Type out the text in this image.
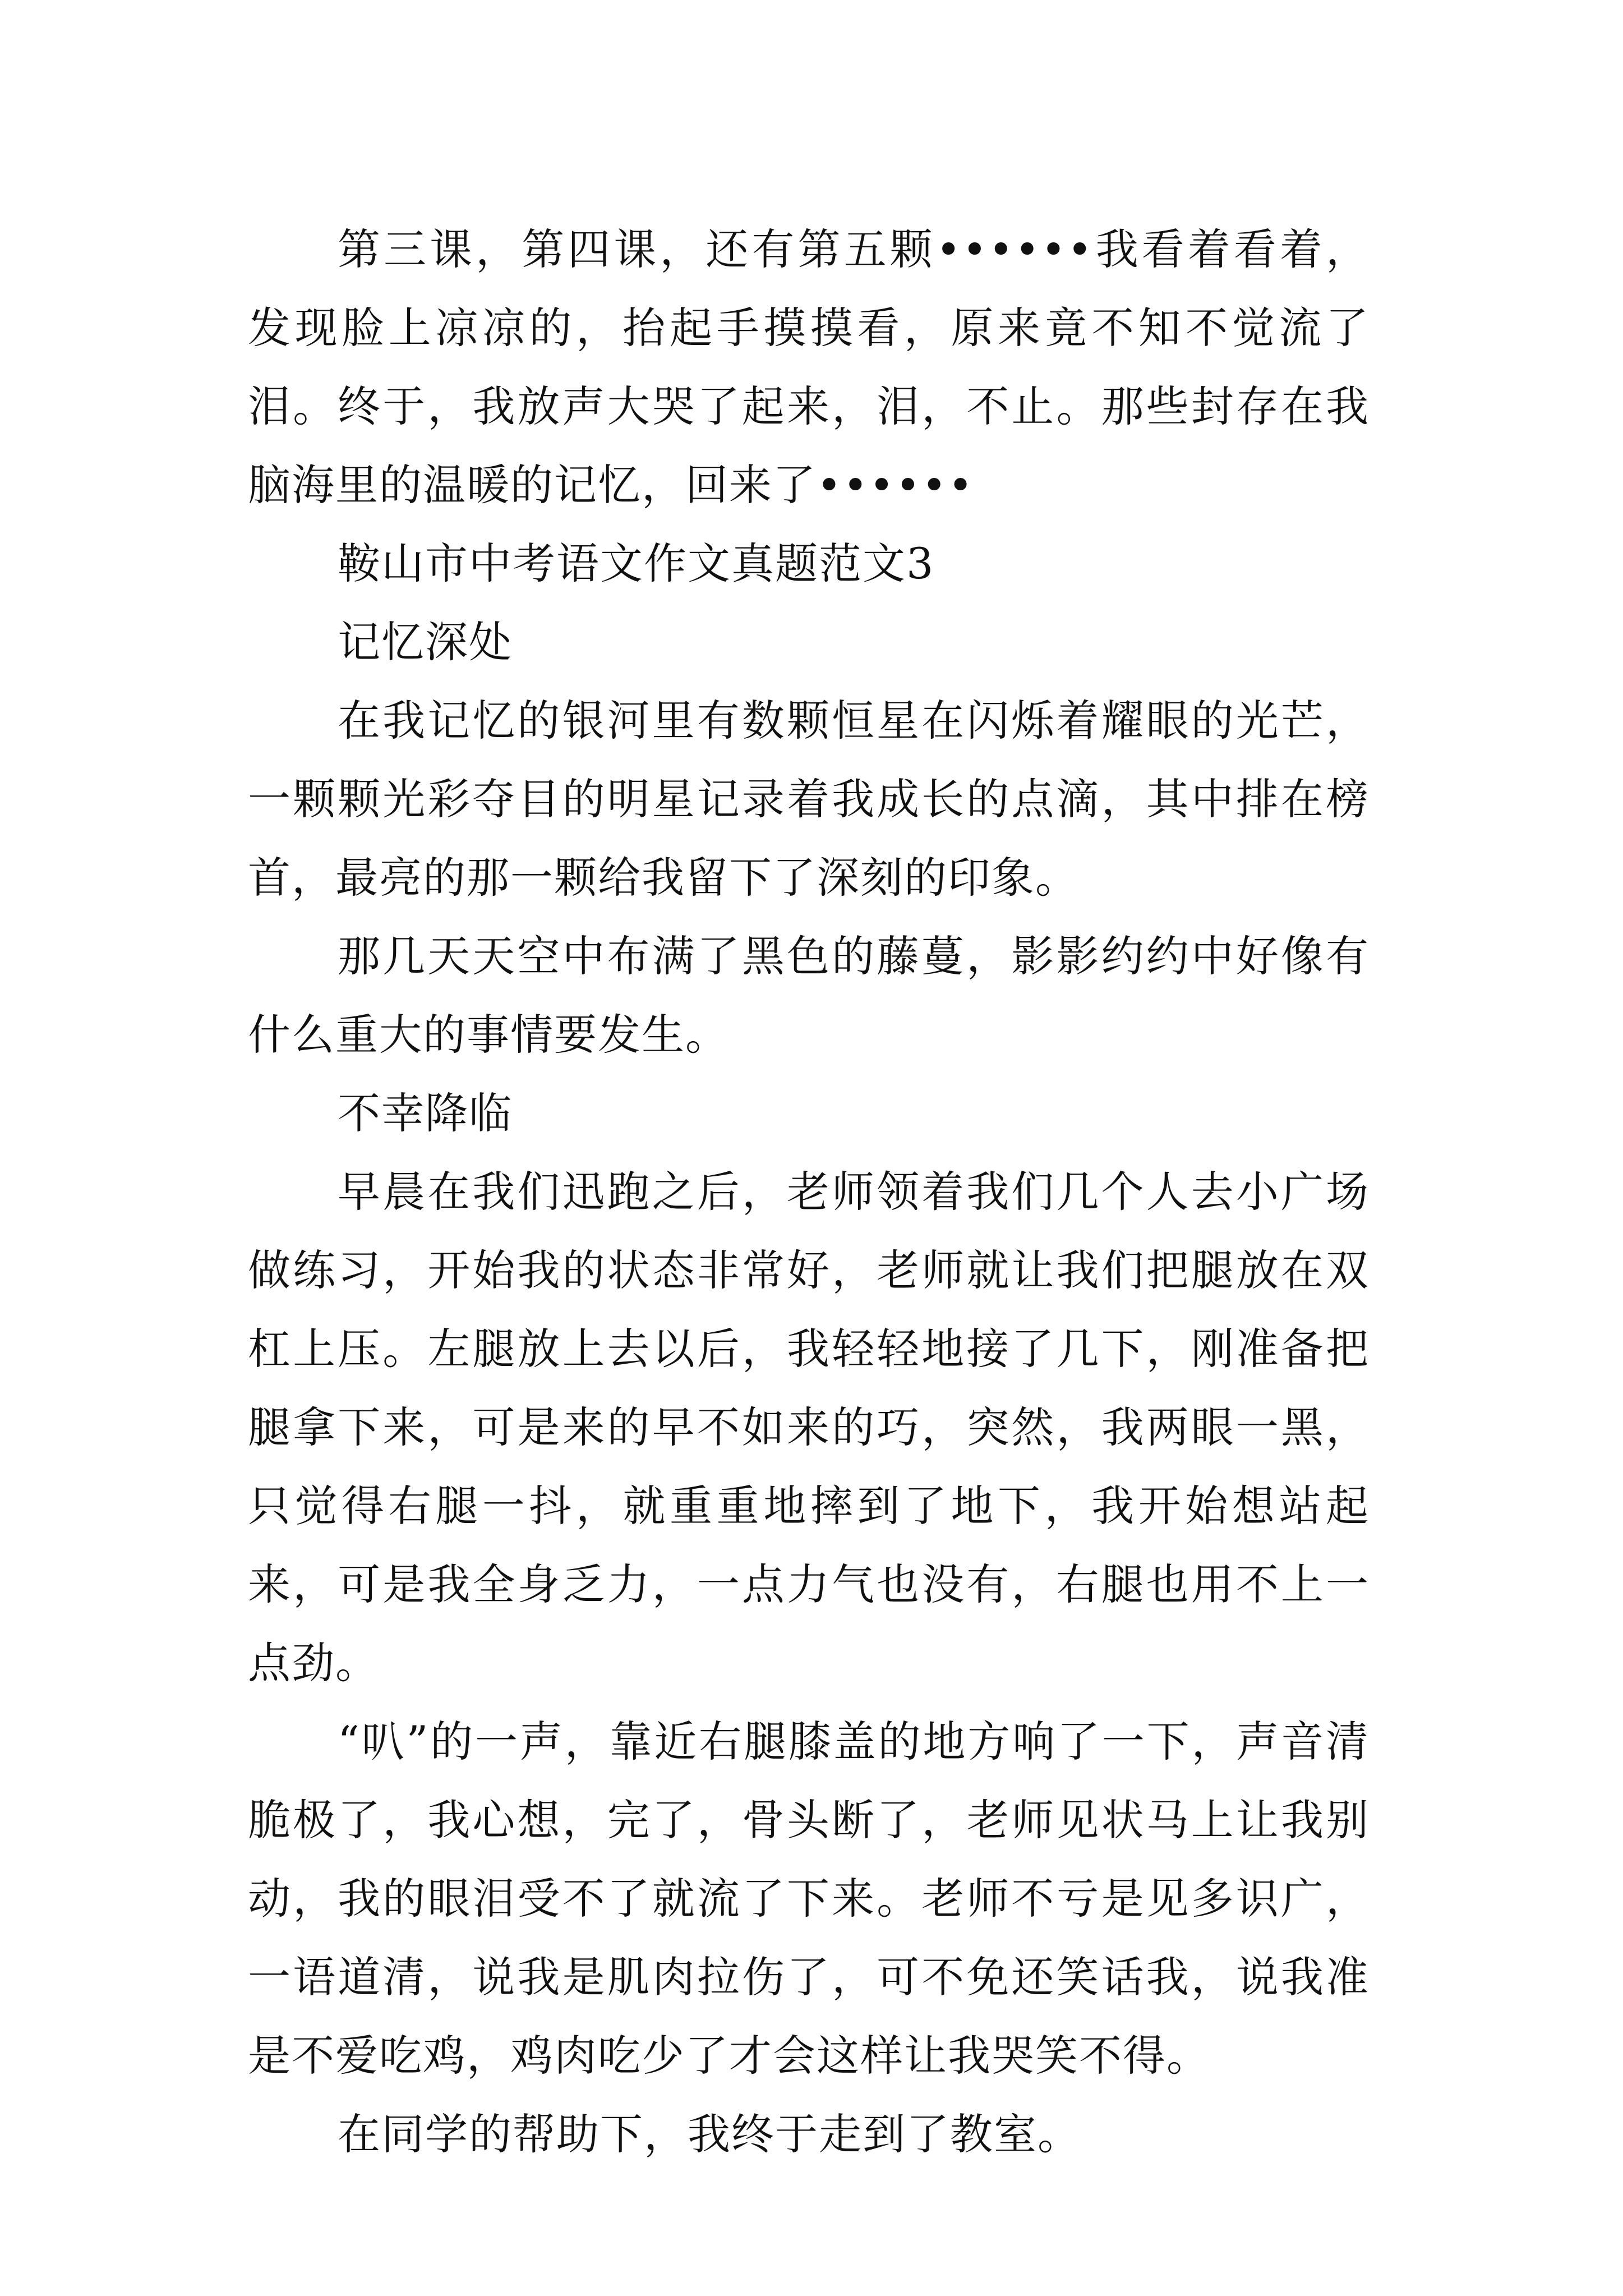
第三课，第四课，还有第五颗••••••我看着看着，发现脸上凉凉的，抬起手摸摸看，原来竟不知不觉流了泪。终于，我放声大哭了起来，泪，不止。那些封存在我脑海里的温暖的记忆，回来了••••••

鞍山市中考语文作文真题范文3

记忆深处

在我记忆的银河里有数颗恒星在闪烁着耀眼的光芒，一颗颗光彩夺目的明星记录着我成长的点滴，其中排在榜首，最亮的那一颗给我留下了深刻的印象。

那几天天空中布满了黑色的藤蔓，影影约约中好像有什么重大的事情要发生。

不幸降临

早晨在我们迅跑之后，老师领着我们几个人去小广场做练习，开始我的状态非常好，老师就让我们把腿放在双杠上压。左腿放上去以后，我轻轻地接了几下，刚准备把腿拿下来，可是来的早不如来的巧，突然，我两眼一黑，只觉得右腿一抖，就重重地摔到了地下，我开始想站起来，可是我全身乏力，一点力气也没有，右腿也用不上一点劲。

“叭”的一声，靠近右腿膝盖的地方响了一下，声音清脆极了，我心想，完了，骨头断了，老师见状马上让我别动，我的眼泪受不了就流了下来。老师不亏是见多识广，一语道清，说我是肌肉拉伤了，可不免还笑话我，说我准是不爱吃鸡，鸡肉吃少了才会这样让我哭笑不得。

在同学的帮助下，我终于走到了教室。
